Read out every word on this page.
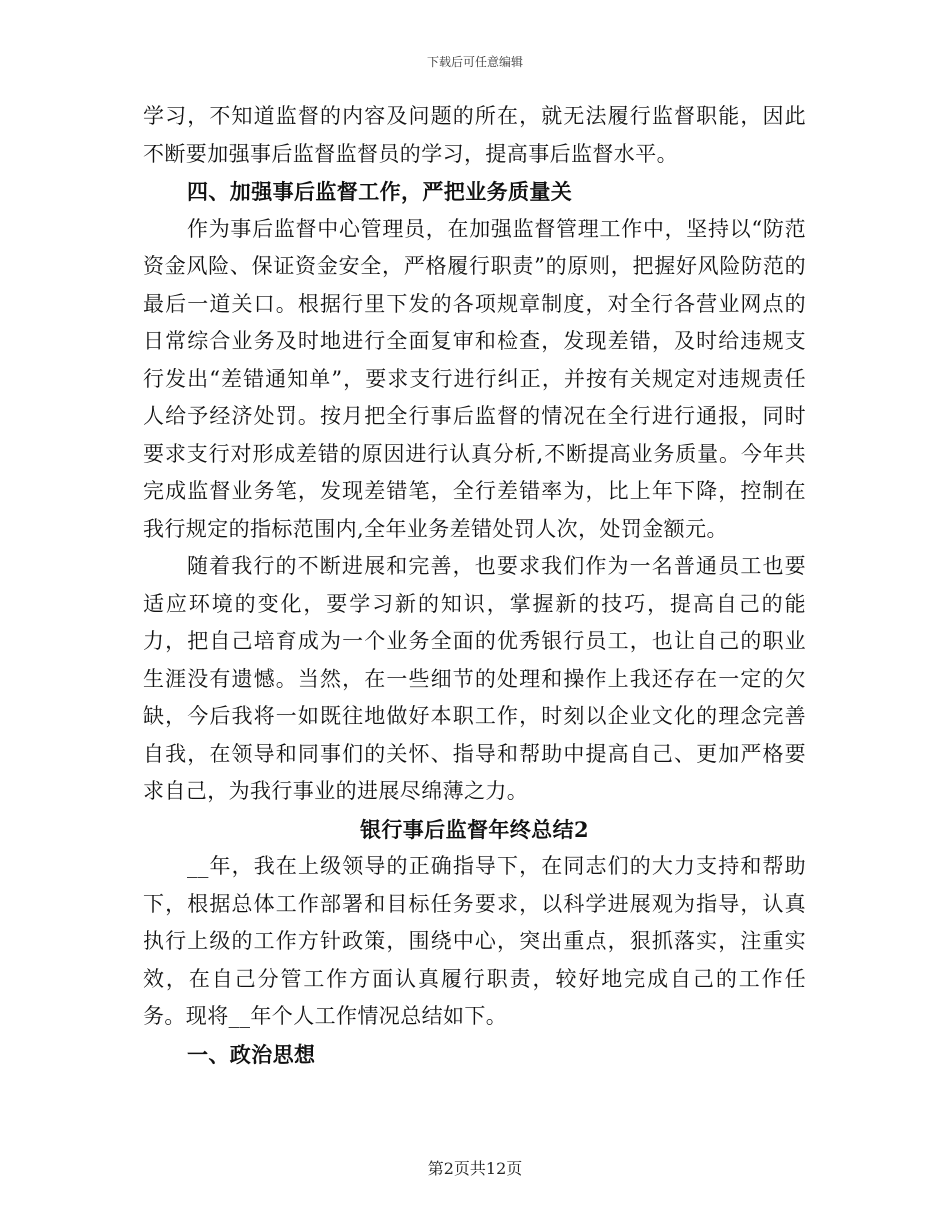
下载后可任意编辑

学习，不知道监督的内容及问题的所在，就无法履行监督职能，因此不断要加强事后监督监督员的学习，提高事后监督水平。

四、加强事后监督工作，严把业务质量关

作为事后监督中心管理员，在加强监督管理工作中，坚持以“防范资金风险、保证资金安全，严格履行职责”的原则，把握好风险防范的最后一道关口。根据行里下发的各项规章制度，对全行各营业网点的日常综合业务及时地进行全面复审和检查，发现差错，及时给违规支行发出“差错通知单”，要求支行进行纠正，并按有关规定对违规责任人给予经济处罚。按月把全行事后监督的情况在全行进行通报，同时要求支行对形成差错的原因进行认真分析,不断提高业务质量。今年共完成监督业务笔，发现差错笔，全行差错率为，比上年下降，控制在我行规定的指标范围内,全年业务差错处罚人次，处罚金额元。

随着我行的不断进展和完善，也要求我们作为一名普通员工也要适应环境的变化，要学习新的知识，掌握新的技巧，提高自己的能力，把自己培育成为一个业务全面的优秀银行员工，也让自己的职业生涯没有遗憾。当然，在一些细节的处理和操作上我还存在一定的欠缺，今后我将一如既往地做好本职工作，时刻以企业文化的理念完善自我，在领导和同事们的关怀、指导和帮助中提高自己、更加严格要求自己，为我行事业的进展尽绵薄之力。

银行事后监督年终总结2

__年，我在上级领导的正确指导下，在同志们的大力支持和帮助下，根据总体工作部署和目标任务要求，以科学进展观为指导，认真执行上级的工作方针政策，围绕中心，突出重点，狠抓落实，注重实效，在自己分管工作方面认真履行职责，较好地完成自己的工作任务。现将__年个人工作情况总结如下。

一、政治思想

第2页共12页
